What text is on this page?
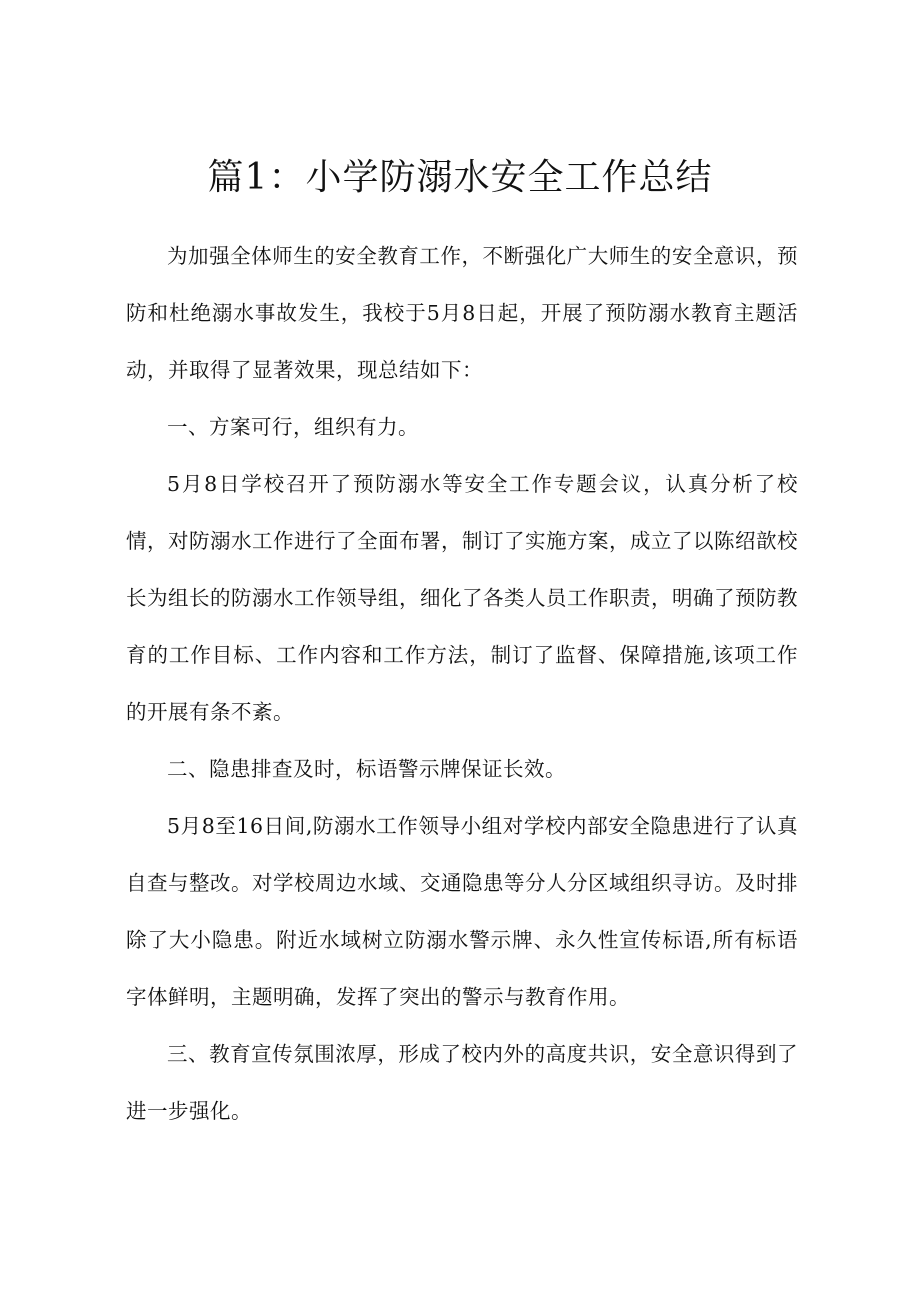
篇1：小学防溺水安全工作总结

为加强全体师生的安全教育工作，不断强化广大师生的安全意识，预防和杜绝溺水事故发生，我校于5月8日起，开展了预防溺水教育主题活动，并取得了显著效果，现总结如下：

一、方案可行，组织有力。

5月8日学校召开了预防溺水等安全工作专题会议，认真分析了校情，对防溺水工作进行了全面布署，制订了实施方案，成立了以陈绍歆校长为组长的防溺水工作领导组，细化了各类人员工作职责，明确了预防教育的工作目标、工作内容和工作方法，制订了监督、保障措施,该项工作的开展有条不紊。

二、隐患排查及时，标语警示牌保证长效。

5月8至16日间,防溺水工作领导小组对学校内部安全隐患进行了认真自查与整改。对学校周边水域、交通隐患等分人分区域组织寻访。及时排除了大小隐患。附近水域树立防溺水警示牌、永久性宣传标语,所有标语字体鲜明，主题明确，发挥了突出的警示与教育作用。

三、教育宣传氛围浓厚，形成了校内外的高度共识，安全意识得到了进一步强化。
